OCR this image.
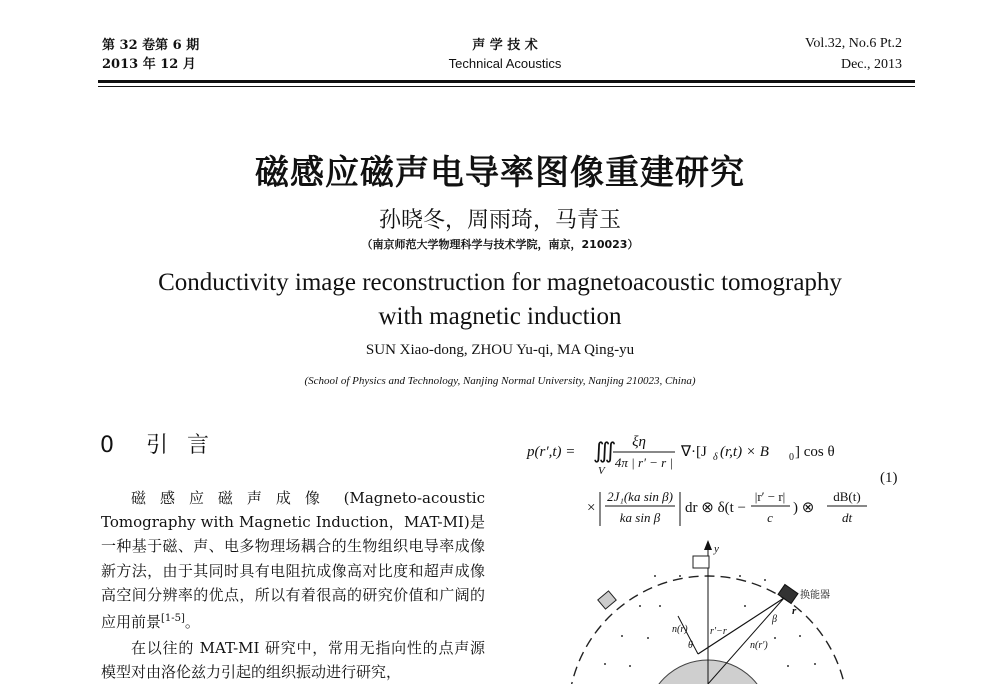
第 32 卷第 6 期
2013 年 12 月
声 学 技 术
Technical Acoustics
Vol.32, No.6 Pt.2
Dec., 2013
磁感应磁声电导率图像重建研究
孙晓冬，周雨琦，马青玉
（南京师范大学物理科学与技术学院，南京，210023）
Conductivity image reconstruction for magnetoacoustic tomography
with magnetic induction
SUN Xiao-dong, ZHOU Yu-qi, MA Qing-yu
(School of Physics and Technology, Nanjing Normal University, Nanjing 210023, China)
0 引 言

磁感应磁声成像 (Magneto-acoustic Tomography with Magnetic Induction，MAT-MI)是一种基于磁、声、电多物理场耦合的生物组织电导率成像新方法，由于其同时具有电阻抗成像高对比度和超声成像高空间分辨率的优点，所以有着很高的研究价值和广阔的应用前景[1-5]。

在以往的 MAT-MI 研究中，常用无指向性的点声源模型对由洛伦兹力引起的组织振动进行研究，

p(r′,t) = ∭
V
ξη
4π | r′ − r |
∇·[J δ (r,t) × B 0 ] cos θ
×
2J₁(ka sin β)
ka sin β
dr ⊗ δ(t −
|r′ − r|
c
) ⊗
dB(t)
dt
(1)
y
换能器
n(r) r′−r
n(r′)
θ
β
r
